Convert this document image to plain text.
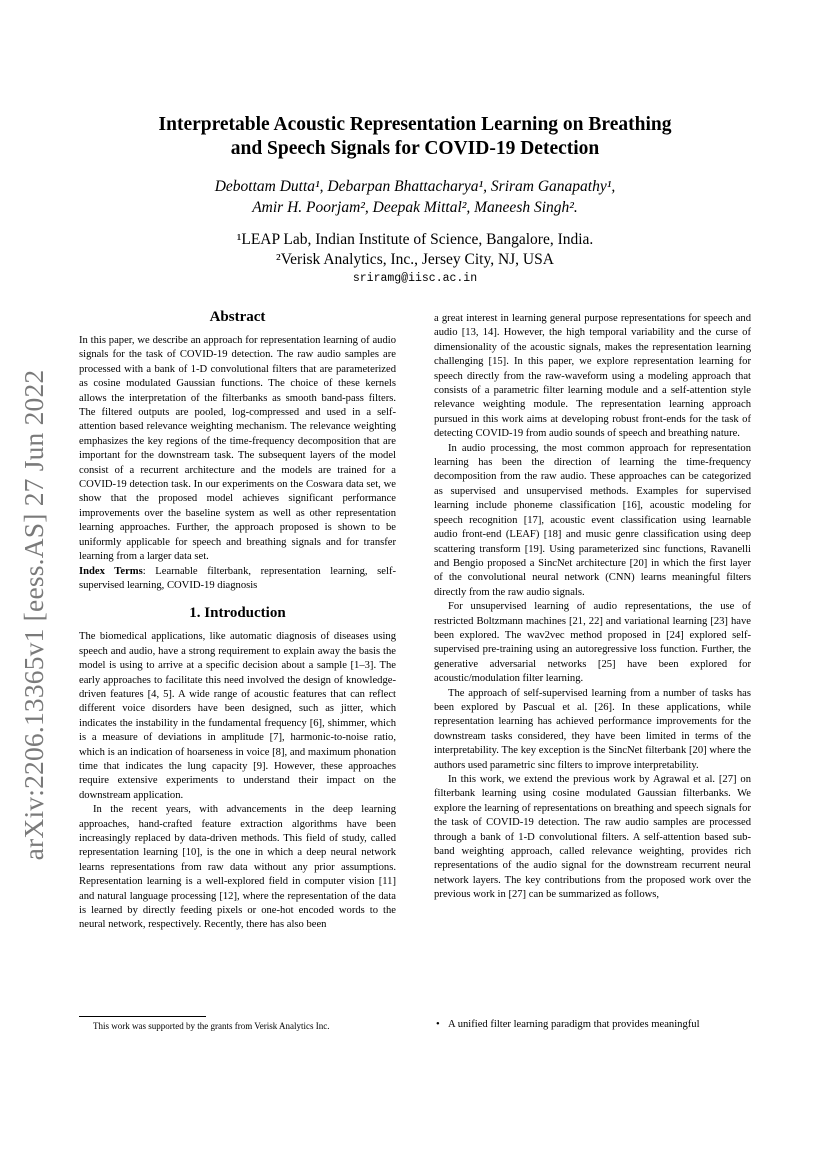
arXiv:2206.13365v1 [eess.AS] 27 Jun 2022
Interpretable Acoustic Representation Learning on Breathing
and Speech Signals for COVID-19 Detection
Debottam Dutta¹, Debarpan Bhattacharya¹, Sriram Ganapathy¹,
Amir H. Poorjam², Deepak Mittal², Maneesh Singh².
¹LEAP Lab, Indian Institute of Science, Bangalore, India.
²Verisk Analytics, Inc., Jersey City, NJ, USA
sriramg@iisc.ac.in
Abstract

In this paper, we describe an approach for representation learning of audio signals for the task of COVID-19 detection. The raw audio samples are processed with a bank of 1-D convolutional filters that are parameterized as cosine modulated Gaussian functions. The choice of these kernels allows the interpretation of the filterbanks as smooth band-pass filters. The filtered outputs are pooled, log-compressed and used in a self-attention based relevance weighting mechanism. The relevance weighting emphasizes the key regions of the time-frequency decomposition that are important for the downstream task. The subsequent layers of the model consist of a recurrent architecture and the models are trained for a COVID-19 detection task. In our experiments on the Coswara data set, we show that the proposed model achieves significant performance improvements over the baseline system as well as other representation learning approaches. Further, the approach proposed is shown to be uniformly applicable for speech and breathing signals and for transfer learning from a larger data set.

Index Terms: Learnable filterbank, representation learning, self-supervised learning, COVID-19 diagnosis

1. Introduction

The biomedical applications, like automatic diagnosis of diseases using speech and audio, have a strong requirement to explain away the basis the model is using to arrive at a specific decision about a sample [1–3]. The early approaches to facilitate this need involved the design of knowledge-driven features [4, 5]. A wide range of acoustic features that can reflect different voice disorders have been designed, such as jitter, which indicates the instability in the fundamental frequency [6], shimmer, which is a measure of deviations in amplitude [7], harmonic-to-noise ratio, which is an indication of hoarseness in voice [8], and maximum phonation time that indicates the lung capacity [9]. However, these approaches require extensive experiments to understand their impact on the downstream application.

In the recent years, with advancements in the deep learning approaches, hand-crafted feature extraction algorithms have been increasingly replaced by data-driven methods. This field of study, called representation learning [10], is the one in which a deep neural network learns representations from raw data without any prior assumptions. Representation learning is a well-explored field in computer vision [11] and natural language processing [12], where the representation of the data is learned by directly feeding pixels or one-hot encoded words to the neural network, respectively. Recently, there has also been

a great interest in learning general purpose representations for speech and audio [13, 14]. However, the high temporal variability and the curse of dimensionality of the acoustic signals, makes the representation learning challenging [15]. In this paper, we explore representation learning for speech directly from the raw-waveform using a modeling approach that consists of a parametric filter learning module and a self-attention style relevance weighting module. The representation learning approach pursued in this work aims at developing robust front-ends for the task of detecting COVID-19 from audio sounds of speech and breathing nature.

In audio processing, the most common approach for representation learning has been the direction of learning the time-frequency decomposition from the raw audio. These approaches can be categorized as supervised and unsupervised methods. Examples for supervised learning include phoneme classification [16], acoustic modeling for speech recognition [17], acoustic event classification using learnable audio front-end (LEAF) [18] and music genre classification using deep scattering transform [19]. Using parameterized sinc functions, Ravanelli and Bengio proposed a SincNet architecture [20] in which the first layer of the convolutional neural network (CNN) learns meaningful filters directly from the raw audio signals.

For unsupervised learning of audio representations, the use of restricted Boltzmann machines [21, 22] and variational learning [23] have been explored. The wav2vec method proposed in [24] explored self-supervised pre-training using an autoregressive loss function. Further, the generative adversarial networks [25] have been explored for acoustic/modulation filter learning.

The approach of self-supervised learning from a number of tasks has been explored by Pascual et al. [26]. In these applications, while representation learning has achieved performance improvements for the downstream tasks considered, they have been limited in terms of the interpretability. The key exception is the SincNet filterbank [20] where the authors used parametric sinc filters to improve interpretability.

In this work, we extend the previous work by Agrawal et al. [27] on filterbank learning using cosine modulated Gaussian filterbanks. We explore the learning of representations on breathing and speech signals for the task of COVID-19 detection. The raw audio samples are processed through a bank of 1-D convolutional filters. A self-attention based sub-band weighting approach, called relevance weighting, provides rich representations of the audio signal for the downstream recurrent neural network layers. The key contributions from the proposed work over the previous work in [27] can be summarized as follows,

This work was supported by the grants from Verisk Analytics Inc.	• A unified filter learning paradigm that provides meaningful
